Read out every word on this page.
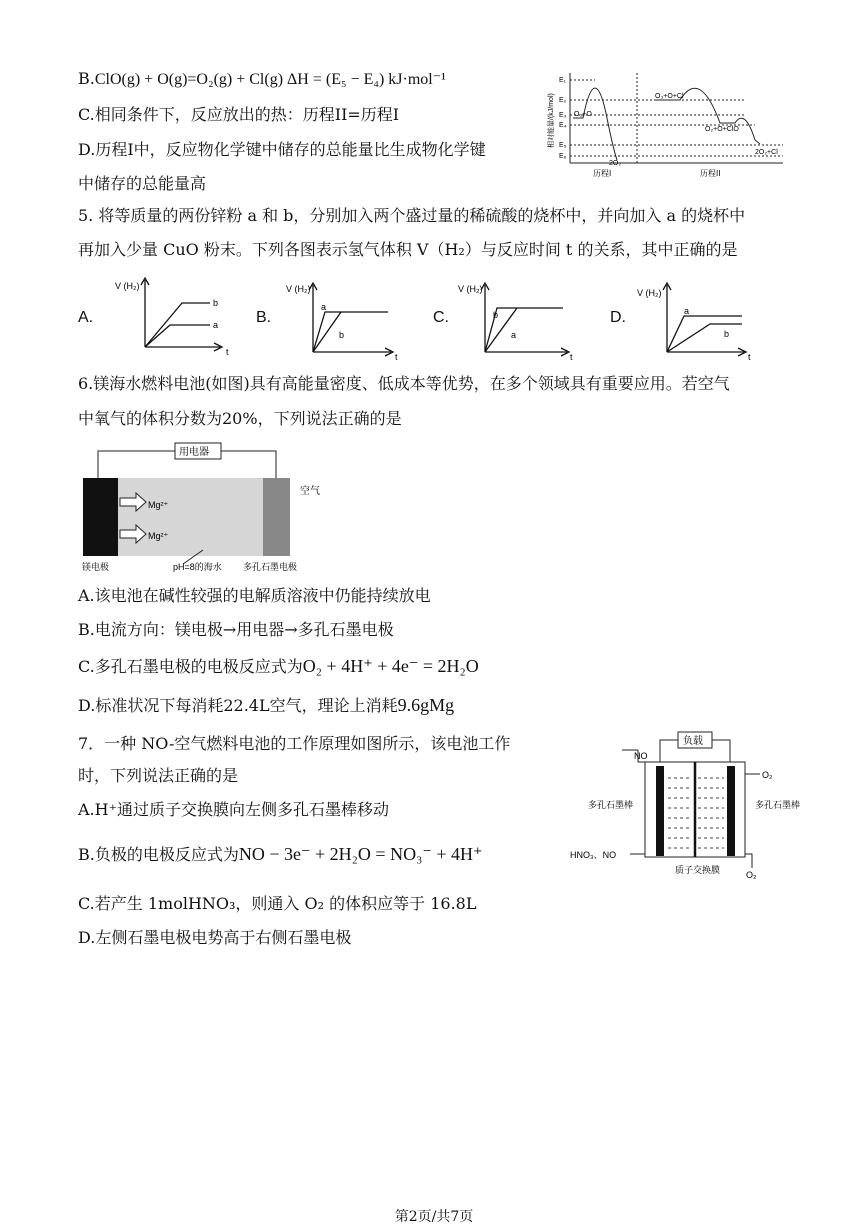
B.ClO(g) + O(g)=O₂(g) + Cl(g) ΔH = (E₅ − E₄) kJ·mol⁻¹
C.相同条件下，反应放出的热：历程II=历程I
D.历程I中，反应物化学键中储存的总能量比生成物化学键
中储存的总能量高
相对能量/(kJ/mol)
E₁
E₂
E₃
E₄
E₅
E₆
O₃+O
O₃+O+Cl
O₂+O+ClO
2O₂
2O₂+Cl
历程I	历程II
5. 将等质量的两份锌粉 a 和 b，分别加入两个盛过量的稀硫酸的烧杯中，并向加入 a 的烧杯中
再加入少量 CuO 粉末。下列各图表示氢气体积 V（H₂）与反应时间 t 的关系，其中正确的是
A.	B.	C.	D.
V (H₂)
t
b
a
V (H₂)
t
a
b
V (H₂)
t
b
a
V (H₂)
t
a
b
6.镁海水燃料电池(如图)具有高能量密度、低成本等优势，在多个领域具有重要应用。若空气
中氧气的体积分数为20%，下列说法正确的是
用电器
Mg²⁺
Mg²⁺
空气
镁电极	pH=8的海水 多孔石墨电极
A.该电池在碱性较强的电解质溶液中仍能持续放电
B.电流方向：镁电极→用电器→多孔石墨电极
C.多孔石墨电极的电极反应式为O₂ + 4H⁺ + 4e⁻ = 2H₂O
D.标准状况下每消耗22.4L空气，理论上消耗9.6gMg
7．一种 NO-空气燃料电池的工作原理如图所示，该电池工作
时，下列说法正确的是
A.H⁺通过质子交换膜向左侧多孔石墨棒移动
B.负极的电极反应式为NO − 3e⁻ + 2H₂O = NO₃⁻ + 4H⁺
C.若产生 1molHNO₃，则通入 O₂ 的体积应等于 16.8L
D.左侧石墨电极电势高于右侧石墨电极
负载
NO
O₂
多孔石墨棒	多孔石墨棒
HNO₃、NO
O₂
质子交换膜
第2页/共7页
